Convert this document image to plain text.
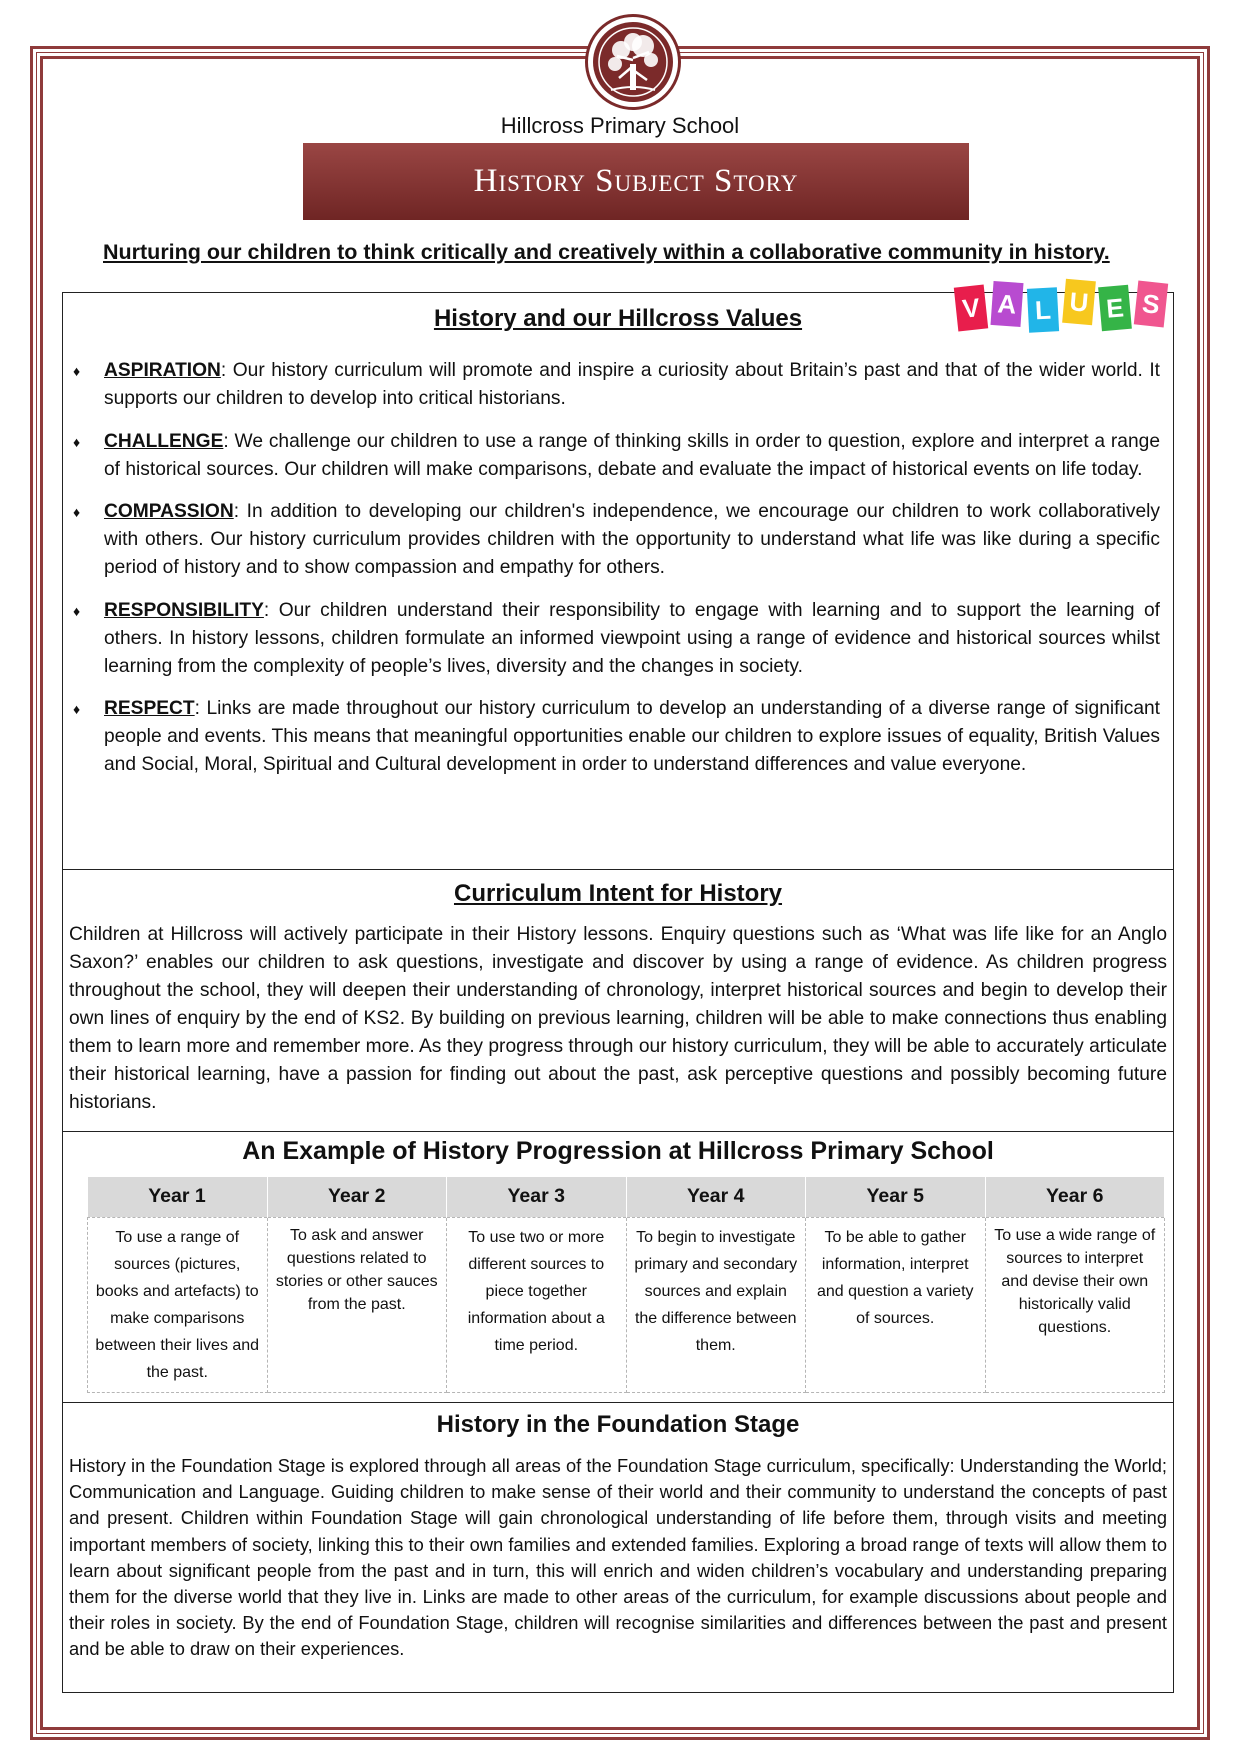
Hillcross Primary School
History Subject Story
Nurturing our children to think critically and creatively within a collaborative community in history.
History and our Hillcross Values
♦ ASPIRATION: Our history curriculum will promote and inspire a curiosity about Britain’s past and that of the wider world. It supports our children to develop into critical historians.
♦ CHALLENGE: We challenge our children to use a range of thinking skills in order to question, explore and interpret a range of historical sources. Our children will make comparisons, debate and evaluate the impact of historical events on life today.
♦ COMPASSION: In addition to developing our children's independence, we encourage our children to work collaboratively with others. Our history curriculum provides children with the opportunity to understand what life was like during a specific period of history and to show compassion and empathy for others.
♦ RESPONSIBILITY: Our children understand their responsibility to engage with learning and to support the learning of others. In history lessons, children formulate an informed viewpoint using a range of evidence and historical sources whilst learning from the complexity of people’s lives, diversity and the changes in society.
♦ RESPECT: Links are made throughout our history curriculum to develop an understanding of a diverse range of significant people and events. This means that meaningful opportunities enable our children to explore issues of equality, British Values and Social, Moral, Spiritual and Cultural development in order to understand differences and value everyone.
V A L U E S
Curriculum Intent for History
Children at Hillcross will actively participate in their History lessons. Enquiry questions such as ‘What was life like for an Anglo Saxon?’ enables our children to ask questions, investigate and discover by using a range of evidence. As children progress throughout the school, they will deepen their understanding of chronology, interpret historical sources and begin to develop their own lines of enquiry by the end of KS2. By building on previous learning, children will be able to make connections thus enabling them to learn more and remember more. As they progress through our history curriculum, they will be able to accurately articulate their historical learning, have a passion for finding out about the past, ask perceptive questions and possibly becoming future historians.
An Example of History Progression at Hillcross Primary School
Year 1	Year 2	Year 3	Year 4	Year 5	Year 6
To use a range of sources (pictures, books and artefacts) to make comparisons between their lives and the past.	To ask and answer questions related to stories or other sauces from the past.	To use two or more different sources to piece together information about a time period.	To begin to investigate primary and secondary sources and explain the difference between them.	To be able to gather information, interpret and question a variety of sources.	To use a wide range of sources to interpret and devise their own historically valid questions.
History in the Foundation Stage
History in the Foundation Stage is explored through all areas of the Foundation Stage curriculum, specifically: Understanding the World; Communication and Language. Guiding children to make sense of their world and their community to understand the concepts of past and present. Children within Foundation Stage will gain chronological understanding of life before them, through visits and meeting important members of society, linking this to their own families and extended families. Exploring a broad range of texts will allow them to learn about significant people from the past and in turn, this will enrich and widen children’s vocabulary and understanding preparing them for the diverse world that they live in. Links are made to other areas of the curriculum, for example discussions about people and their roles in society. By the end of Foundation Stage, children will recognise similarities and differences between the past and present and be able to draw on their experiences.
